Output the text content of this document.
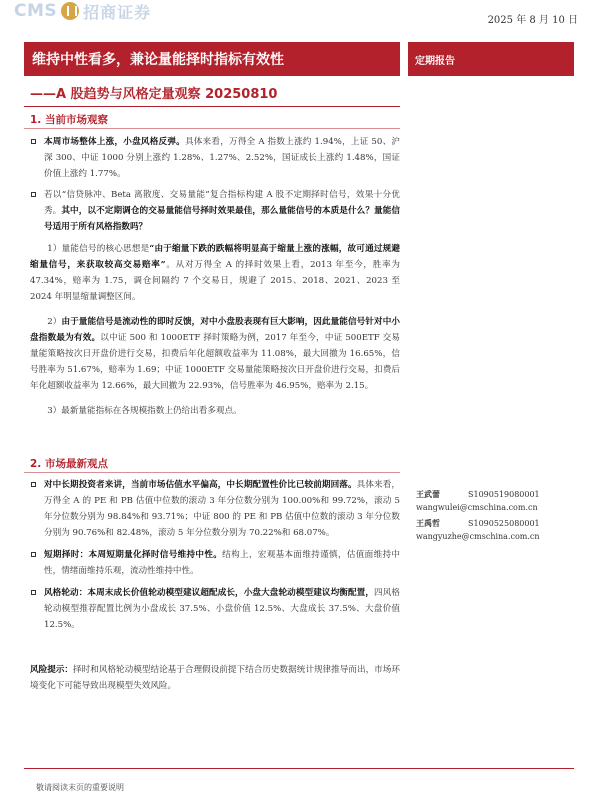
CMS 招商证券	2025 年 8 月 10 日
维持中性看多，兼论量能择时指标有效性	定期报告
——A 股趋势与风格定量观察 20250810
1. 当前市场观察
本周市场整体上涨，小盘风格反弹。具体来看，万得全 A 指数上涨约 1.94%，上证 50、沪深 300、中证 1000 分别上涨约 1.28%、1.27%、2.52%，国证成长上涨约 1.48%，国证价值上涨约 1.77%。
若以“信贷脉冲、Beta 离散度、交易量能”复合指标构建 A 股不定期择时信号，效果十分优秀。其中，以不定期调仓的交易量能信号择时效果最佳，那么量能信号的本质是什么？量能信号适用于所有风格指数吗？
1）量能信号的核心思想是“由于缩量下跌的跌幅将明显高于缩量上涨的涨幅，故可通过规避缩量信号，来获取较高交易赔率”。从对万得全 A 的择时效果上看，2013 年至今，胜率为 47.34%，赔率为 1.75，调仓间隔约 7 个交易日，规避了 2015、2018、2021、2023 至 2024 年明显缩量调整区间。
2）由于量能信号是流动性的即时反馈，对中小盘股表现有巨大影响，因此量能信号针对中小盘指数最为有效。以中证 500 和 1000ETF 择时策略为例，2017 年至今，中证 500ETF 交易量能策略按次日开盘价进行交易，扣费后年化超额收益率为 11.08%，最大回撤为 16.65%，信号胜率为 51.67%，赔率为 1.69；中证 1000ETF 交易量能策略按次日开盘价进行交易，扣费后年化超额收益率为 12.66%，最大回撤为 22.93%，信号胜率为 46.95%，赔率为 2.15。
3）最新量能指标在各规模指数上仍给出看多观点。
2. 市场最新观点
对中长期投资者来讲，当前市场估值水平偏高，中长期配置性价比已较前期回落。具体来看，万得全 A 的 PE 和 PB 估值中位数的滚动 3 年分位数分别为 100.00%和 99.72%，滚动 5 年分位数分别为 98.84%和 93.71%；中证 800 的 PE 和 PB 估值中位数的滚动 3 年分位数分别为 90.76%和 82.48%，滚动 5 年分位数分别为 70.22%和 68.07%。
短期择时：本周短期量化择时信号维持中性。结构上，宏观基本面维持谨慎，估值面维持中性，情绪面维持乐观，流动性维持中性。
风格轮动：本周末成长价值轮动模型建议超配成长，小盘大盘轮动模型建议均衡配置，四风格轮动模型推荐配置比例为小盘成长 37.5%、小盘价值 12.5%、大盘成长 37.5%、大盘价值 12.5%。
风险提示：择时和风格轮动模型结论基于合理假设前提下结合历史数据统计规律推导而出，市场环境变化下可能导致出现模型失效风险。
王武蕾	S1090519080001
wangwulei@cmschina.com.cn
王禹哲	S1090525080001
wangyuzhe@cmschina.com.cn
敬请阅读末页的重要说明
